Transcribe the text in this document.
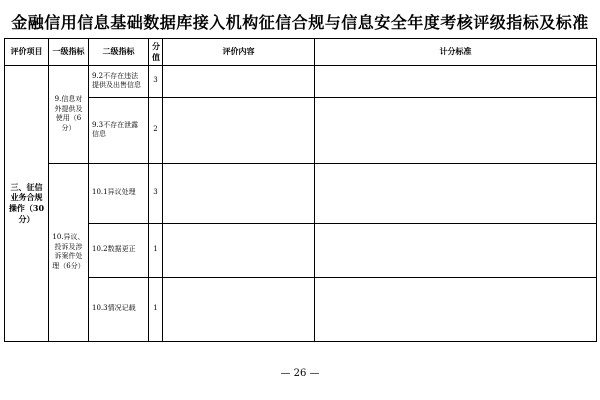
金融信用信息基础数据库接入机构征信合规与信息安全年度考核评级指标及标准
评价项目	一级指标	二级指标	分值	评价内容	计分标准
三、征信业务合规操作（30分）	9.信息对外提供及使用（6分）	9.2不存在违法提供及出售信息	3		
		9.3不存在泄露信息	2		
	10.异议、投诉及涉诉案件处理（6分）	10.1异议处理	3		
		10.2数据更正	1		
		10.3情况记载	1		
— 26 —
